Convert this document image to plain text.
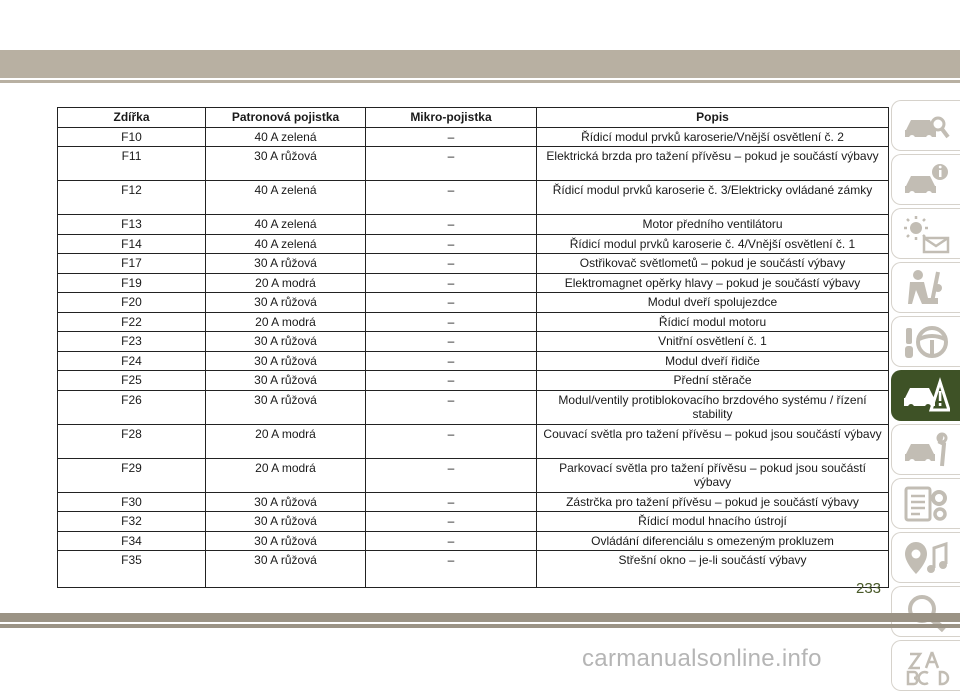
Zdířka	Patronová pojistka	Mikro-pojistka	Popis
F10	40 A zelená	–	Řídicí modul prvků karoserie/Vnější osvětlení č. 2
F11	30 A růžová	–	Elektrická brzda pro tažení přívěsu – pokud je součástí výbavy
F12	40 A zelená	–	Řídicí modul prvků karoserie č. 3/Elektricky ovládané zámky
F13	40 A zelená	–	Motor předního ventilátoru
F14	40 A zelená	–	Řídicí modul prvků karoserie č. 4/Vnější osvětlení č. 1
F17	30 A růžová	–	Ostřikovač světlometů – pokud je součástí výbavy
F19	20 A modrá	–	Elektromagnet opěrky hlavy – pokud je součástí výbavy
F20	30 A růžová	–	Modul dveří spolujezdce
F22	20 A modrá	–	Řídicí modul motoru
F23	30 A růžová	–	Vnitřní osvětlení č. 1
F24	30 A růžová	–	Modul dveří řidiče
F25	30 A růžová	–	Přední stěrače
F26	30 A růžová	–	Modul/ventily protiblokovacího brzdového systému / řízení stability
F28	20 A modrá	–	Couvací světla pro tažení přívěsu – pokud jsou součástí výbavy
F29	20 A modrá	–	Parkovací světla pro tažení přívěsu – pokud jsou součástí výbavy
F30	30 A růžová	–	Zástrčka pro tažení přívěsu – pokud je součástí výbavy
F32	30 A růžová	–	Řídicí modul hnacího ústrojí
F34	30 A růžová	–	Ovládání diferenciálu s omezeným prokluzem
F35	30 A růžová	–	Střešní okno – je-li součástí výbavy
233
carmanualsonline.info
